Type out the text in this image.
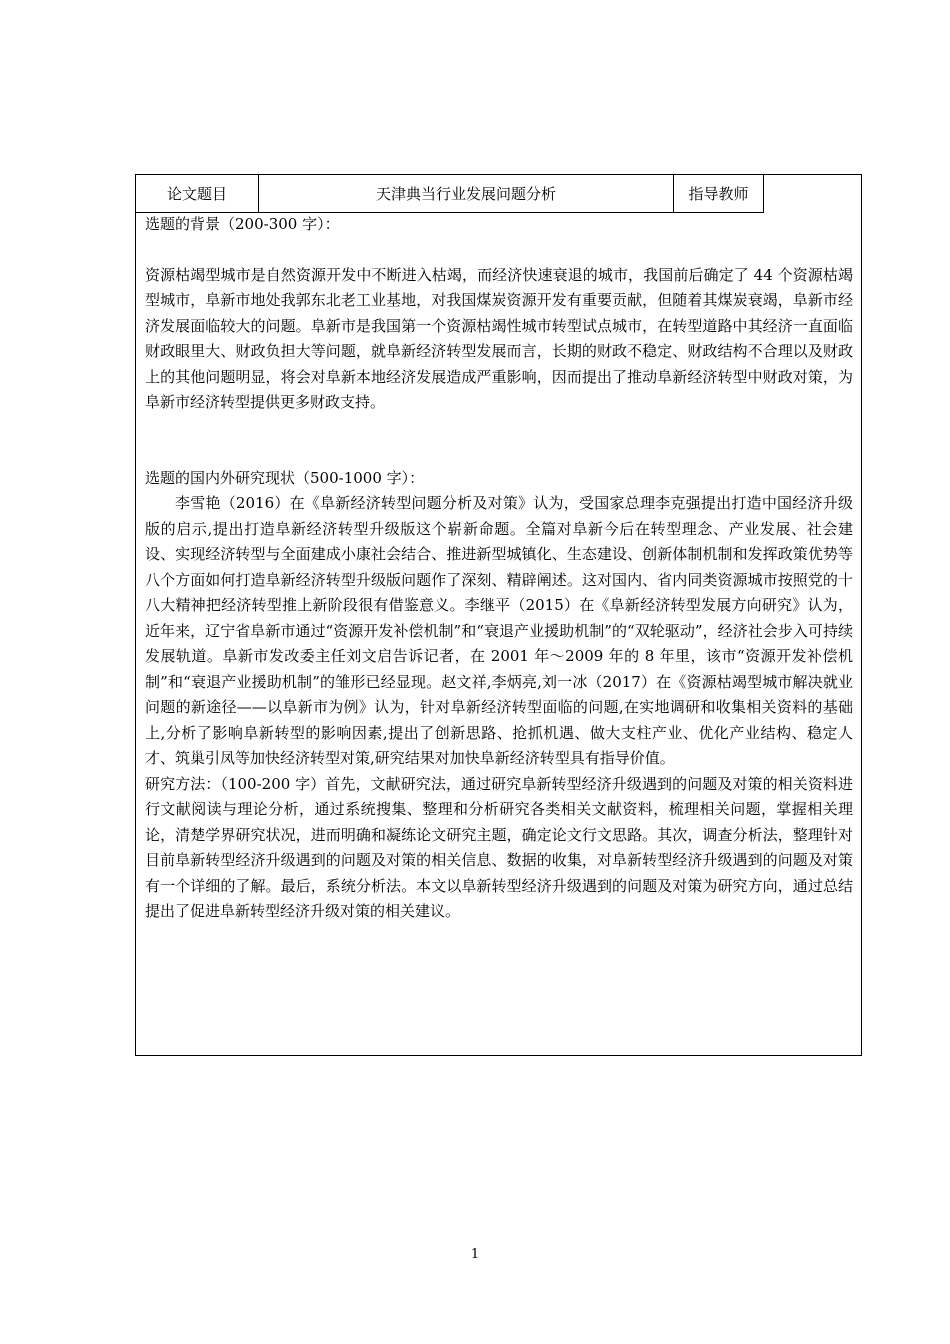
论文题目	天津典当行业发展问题分析	指导教师

选题的背景（200-300 字）：

资源枯竭型城市是自然资源开发中不断进入枯竭，而经济快速衰退的城市，我国前后确定了 44 个资源枯竭型城市，阜新市地处我郭东北老工业基地，对我国煤炭资源开发有重要贡献，但随着其煤炭衰竭，阜新市经济发展面临较大的问题。阜新市是我国第一个资源枯竭性城市转型试点城市，在转型道路中其经济一直面临财政眼里大、财政负担大等问题，就阜新经济转型发展而言，长期的财政不稳定、财政结构不合理以及财政上的其他问题明显，将会对阜新本地经济发展造成严重影响，因而提出了推动阜新经济转型中财政对策，为阜新市经济转型提供更多财政支持。

选题的国内外研究现状（500-1000 字）：

李雪艳（2016）在《阜新经济转型问题分析及对策》认为，受国家总理李克强提出打造中国经济升级版的启示,提出打造阜新经济转型升级版这个崭新命题。全篇对阜新今后在转型理念、产业发展、社会建设、实现经济转型与全面建成小康社会结合、推进新型城镇化、生态建设、创新体制机制和发挥政策优势等八个方面如何打造阜新经济转型升级版问题作了深刻、精辟阐述。这对国内、省内同类资源城市按照党的十八大精神把经济转型推上新阶段很有借鉴意义。李继平（2015）在《阜新经济转型发展方向研究》认为，近年来，辽宁省阜新市通过“资源开发补偿机制”和“衰退产业援助机制”的“双轮驱动”，经济社会步入可持续发展轨道。阜新市发改委主任刘文启告诉记者，在 2001 年～2009 年的 8 年里，该市“资源开发补偿机制”和“衰退产业援助机制”的雏形已经显现。赵文祥,李炳亮,刘一冰（2017）在《资源枯竭型城市解决就业问题的新途径——以阜新市为例》认为，针对阜新经济转型面临的问题,在实地调研和收集相关资料的基础上,分析了影响阜新转型的影响因素,提出了创新思路、抢抓机遇、做大支柱产业、优化产业结构、稳定人才、筑巢引凤等加快经济转型对策,研究结果对加快阜新经济转型具有指导价值。

研究方法：（100-200 字）首先，文献研究法，通过研究阜新转型经济升级遇到的问题及对策的相关资料进行文献阅读与理论分析，通过系统搜集、整理和分析研究各类相关文献资料，梳理相关问题，掌握相关理论，清楚学界研究状况，进而明确和凝练论文研究主题，确定论文行文思路。其次，调查分析法，整理针对目前阜新转型经济升级遇到的问题及对策的相关信息、数据的收集，对阜新转型经济升级遇到的问题及对策有一个详细的了解。最后，系统分析法。本文以阜新转型经济升级遇到的问题及对策为研究方向，通过总结提出了促进阜新转型经济升级对策的相关建议。

1
